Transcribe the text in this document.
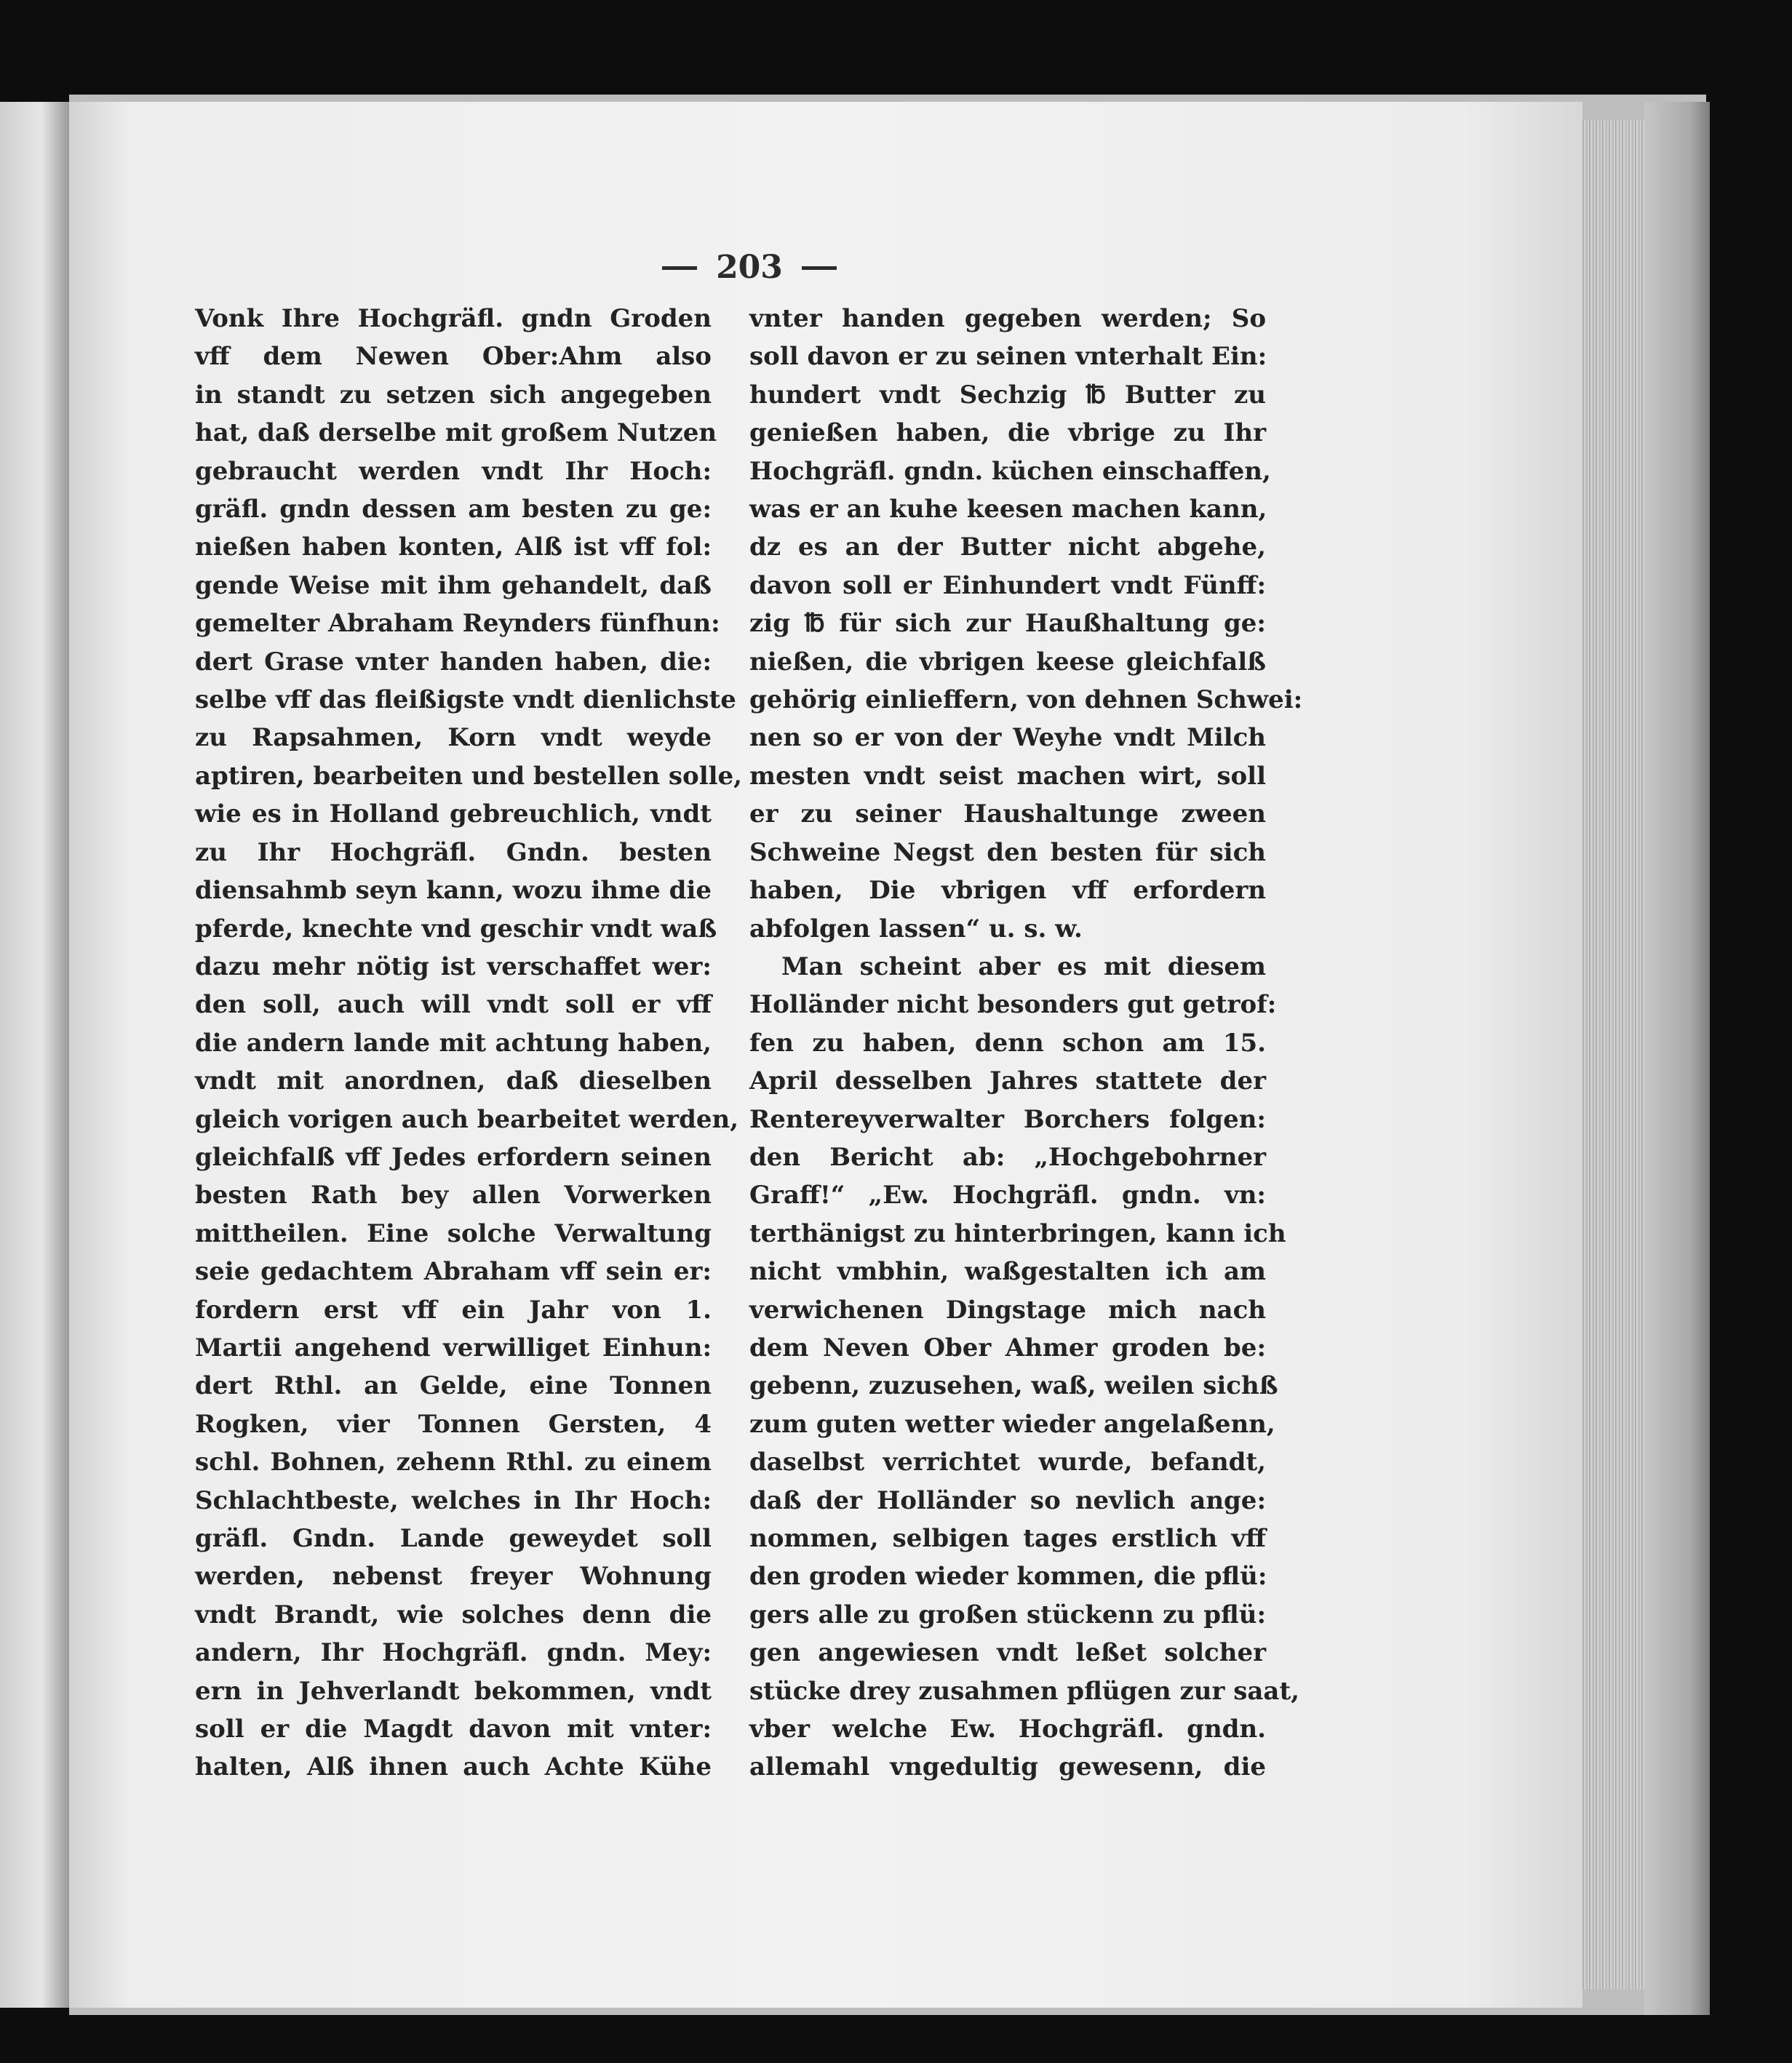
203
Vonk Ihre Hochgräfl. gndn Groden
vff dem Newen Ober:Ahm also
in standt zu setzen sich angegeben
hat, daß derselbe mit großem Nutzen
gebraucht werden vndt Ihr Hoch:
gräfl. gndn dessen am besten zu ge:
nießen haben konten, Alß ist vff fol:
gende Weise mit ihm gehandelt, daß
gemelter Abraham Reynders fünfhun:
dert Grase vnter handen haben, die:
selbe vff das fleißigste vndt dienlichste
zu Rapsahmen, Korn vndt weyde
aptiren, bearbeiten und bestellen solle,
wie es in Holland gebreuchlich, vndt
zu Ihr Hochgräfl. Gndn. besten
diensahmb seyn kann, wozu ihme die
pferde, knechte vnd geschir vndt waß
dazu mehr nötig ist verschaffet wer:
den soll, auch will vndt soll er vff
die andern lande mit achtung haben,
vndt mit anordnen, daß dieselben
gleich vorigen auch bearbeitet werden,
gleichfalß vff Jedes erfordern seinen
besten Rath bey allen Vorwerken
mittheilen. Eine solche Verwaltung
seie gedachtem Abraham vff sein er:
fordern erst vff ein Jahr von 1.
Martii angehend verwilliget Einhun:
dert Rthl. an Gelde, eine Tonnen
Rogken, vier Tonnen Gersten, 4
schl. Bohnen, zehenn Rthl. zu einem
Schlachtbeste, welches in Ihr Hoch:
gräfl. Gndn. Lande geweydet soll
werden, nebenst freyer Wohnung
vndt Brandt, wie solches denn die
andern, Ihr Hochgräfl. gndn. Mey:
ern in Jehverlandt bekommen, vndt
soll er die Magdt davon mit vnter:
halten, Alß ihnen auch Achte Kühe
vnter handen gegeben werden; So
soll davon er zu seinen vnterhalt Ein:
hundert vndt Sechzig ℔ Butter zu
genießen haben, die vbrige zu Ihr
Hochgräfl. gndn. küchen einschaffen,
was er an kuhe keesen machen kann,
dz es an der Butter nicht abgehe,
davon soll er Einhundert vndt Fünff:
zig ℔ für sich zur Haußhaltung ge:
nießen, die vbrigen keese gleichfalß
gehörig einlieffern, von dehnen Schwei:
nen so er von der Weyhe vndt Milch
mesten vndt seist machen wirt, soll
er zu seiner Haushaltunge zween
Schweine Negst den besten für sich
haben, Die vbrigen vff erfordern
abfolgen lassen“ u. s. w.
Man scheint aber es mit diesem
Holländer nicht besonders gut getrof:
fen zu haben, denn schon am 15.
April desselben Jahres stattete der
Rentereyverwalter Borchers folgen:
den Bericht ab: „Hochgebohrner
Graff!“ „Ew. Hochgräfl. gndn. vn:
terthänigst zu hinterbringen, kann ich
nicht vmbhin, waßgestalten ich am
verwichenen Dingstage mich nach
dem Neven Ober Ahmer groden be:
gebenn, zuzusehen, waß, weilen sichß
zum guten wetter wieder angelaßenn,
daselbst verrichtet wurde, befandt,
daß der Holländer so nevlich ange:
nommen, selbigen tages erstlich vff
den groden wieder kommen, die pflü:
gers alle zu großen stückenn zu pflü:
gen angewiesen vndt leßet solcher
stücke drey zusahmen pflügen zur saat,
vber welche Ew. Hochgräfl. gndn.
allemahl vngedultig gewesenn, die
